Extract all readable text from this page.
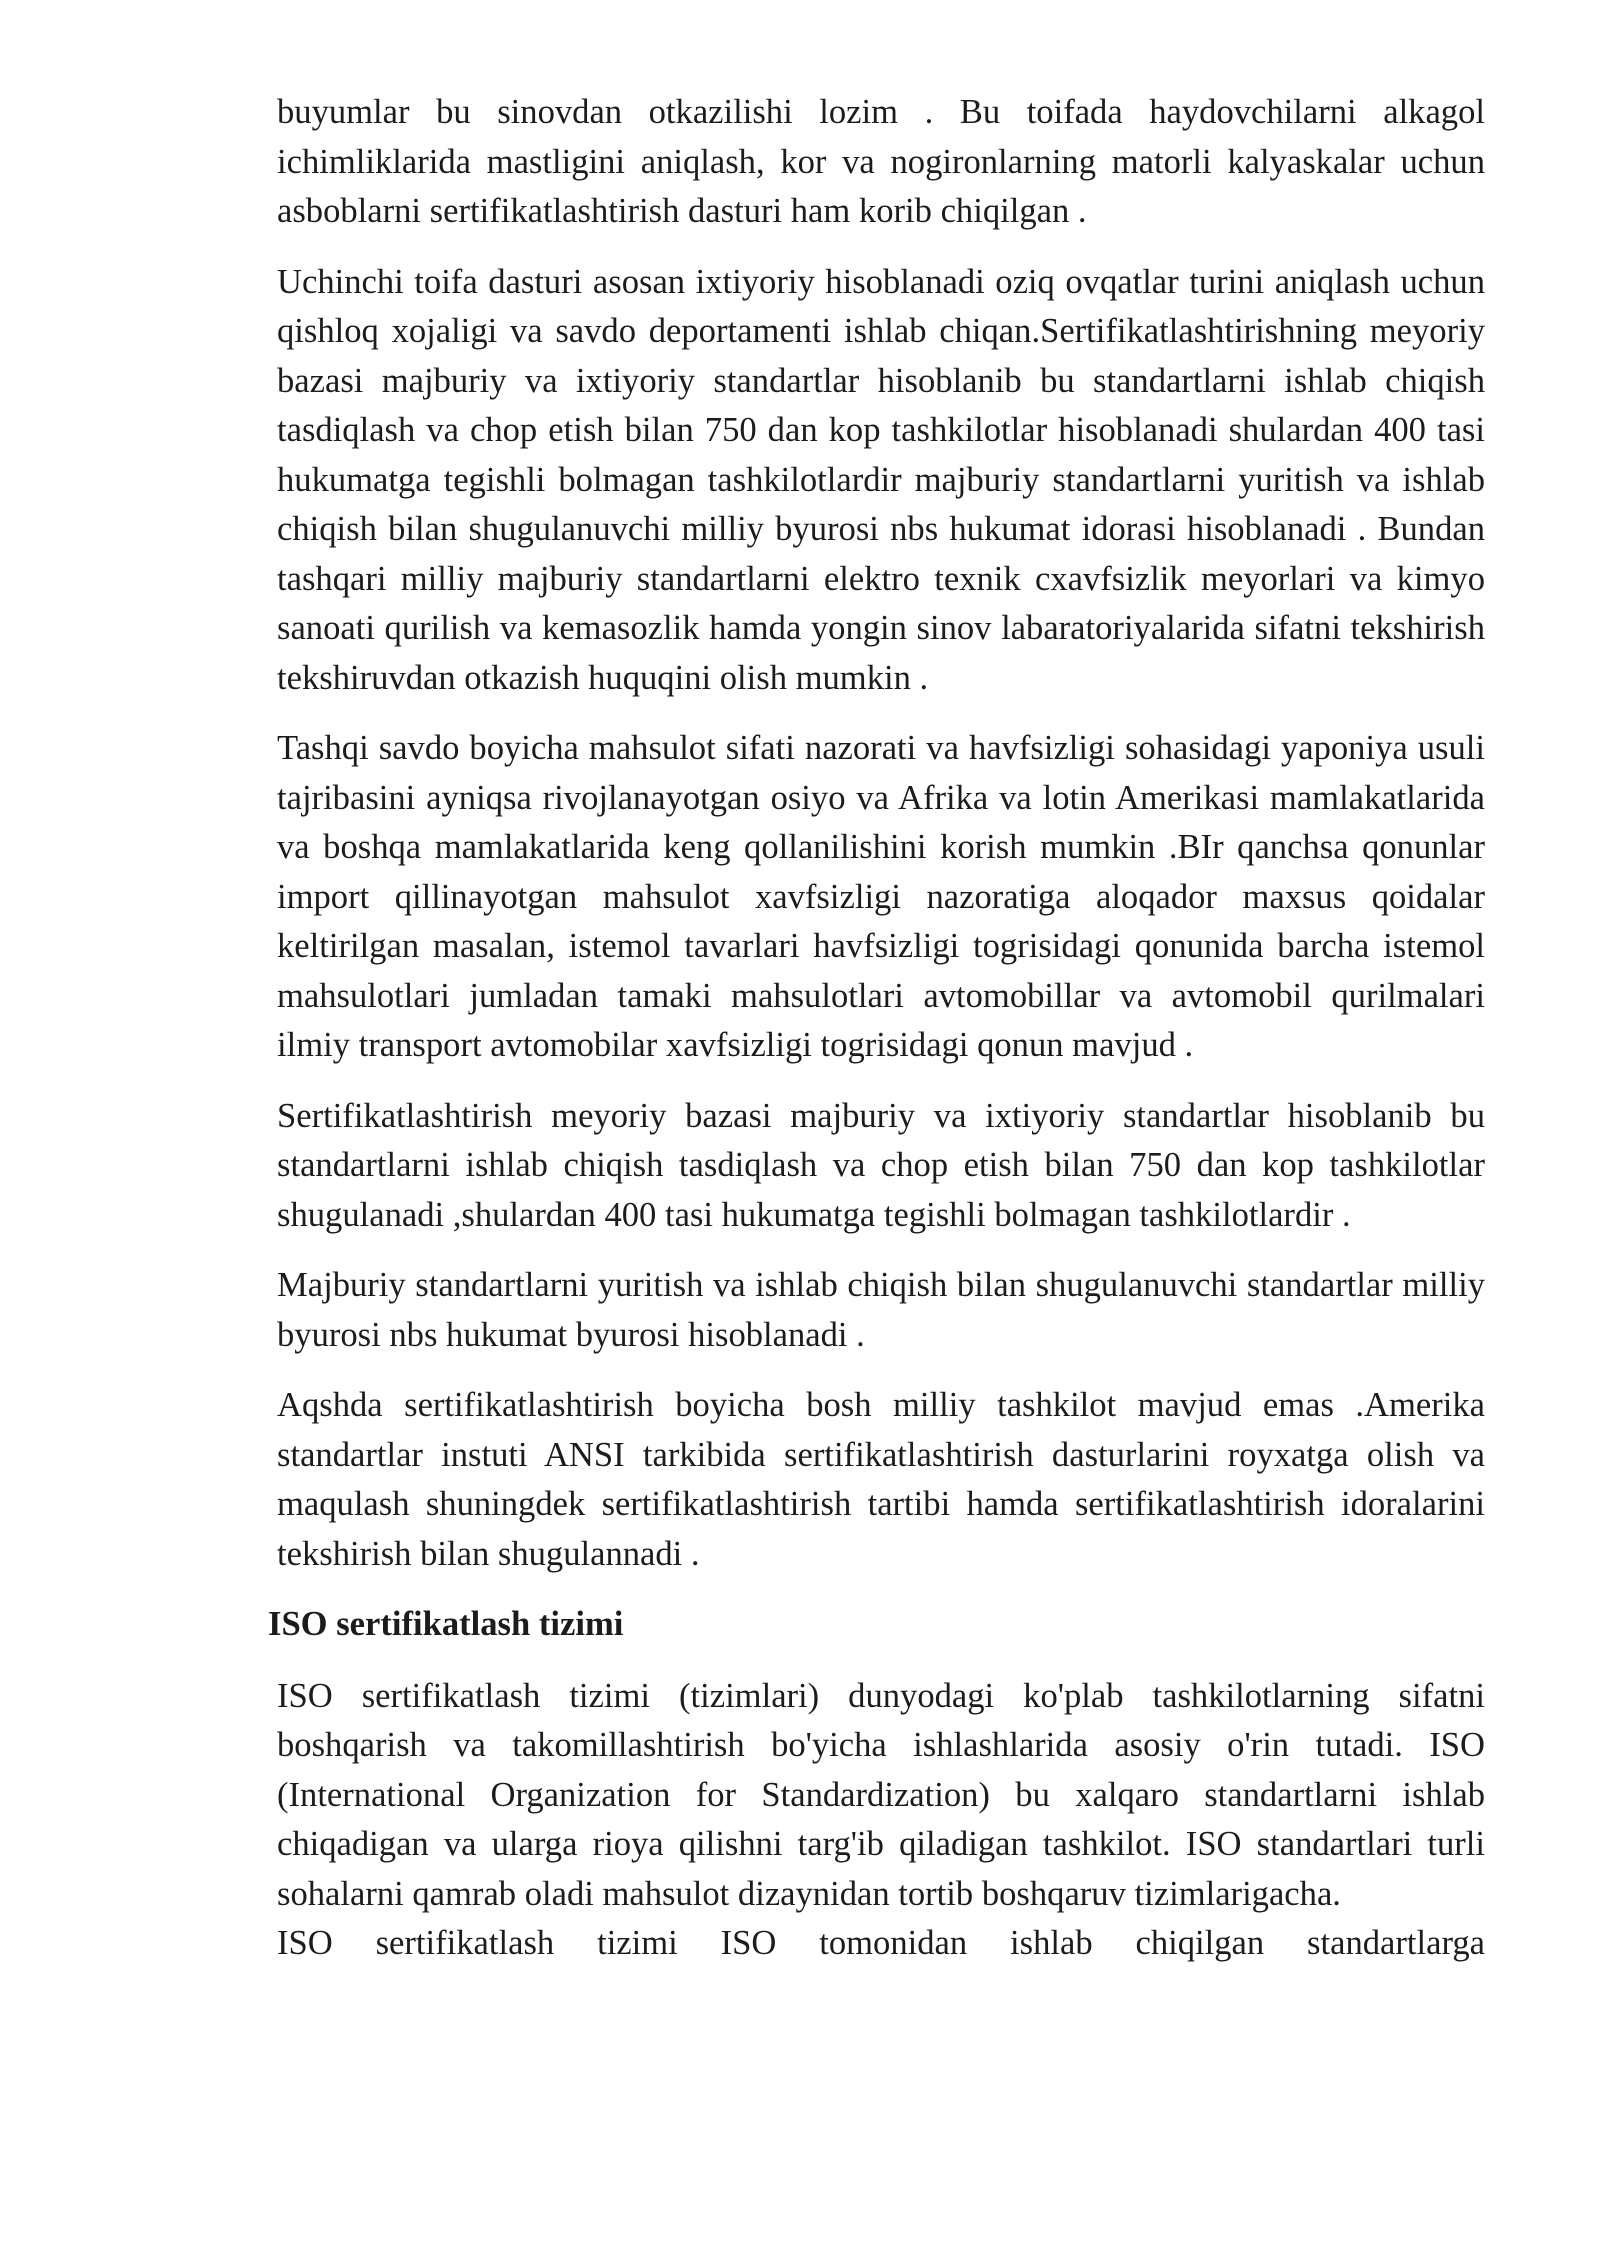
buyumlar bu sinovdan otkazilishi lozim . Bu toifada haydovchilarni alkagol ichimliklarida mastligini aniqlash, kor va nogironlarning matorli kalyaskalar uchun asboblarni sertifikatlashtirish dasturi ham korib chiqilgan .

Uchinchi toifa dasturi asosan ixtiyoriy hisoblanadi oziq ovqatlar turini aniqlash uchun qishloq xojaligi va savdo deportamenti ishlab chiqan.Sertifikatlashtirishning meyoriy bazasi majburiy va ixtiyoriy standartlar hisoblanib bu standartlarni ishlab chiqish tasdiqlash va chop etish bilan 750 dan kop tashkilotlar hisoblanadi shulardan 400 tasi hukumatga tegishli bolmagan tashkilotlardir majburiy standartlarni yuritish va ishlab chiqish bilan shugulanuvchi milliy byurosi nbs hukumat idorasi hisoblanadi . Bundan tashqari milliy majburiy standartlarni elektro texnik cxavfsizlik meyorlari va kimyo sanoati qurilish va kemasozlik hamda yongin sinov labaratoriyalarida sifatni tekshirish tekshiruvdan otkazish huquqini olish mumkin .

Tashqi savdo boyicha mahsulot sifati nazorati va havfsizligi sohasidagi yaponiya usuli tajribasini ayniqsa rivojlanayotgan osiyo va Afrika va lotin Amerikasi mamlakatlarida va boshqa mamlakatlarida keng qollanilishini korish mumkin .BIr qanchsa qonunlar import qillinayotgan mahsulot xavfsizligi nazoratiga aloqador maxsus qoidalar keltirilgan masalan, istemol tavarlari havfsizligi togrisidagi qonunida barcha istemol mahsulotlari jumladan tamaki mahsulotlari avtomobillar va avtomobil qurilmalari ilmiy transport avtomobilar xavfsizligi togrisidagi qonun mavjud .

Sertifikatlashtirish meyoriy bazasi majburiy va ixtiyoriy standartlar hisoblanib bu standartlarni ishlab chiqish tasdiqlash va chop etish bilan 750 dan kop tashkilotlar shugulanadi ,shulardan 400 tasi hukumatga tegishli bolmagan tashkilotlardir .

Majburiy standartlarni yuritish va ishlab chiqish bilan shugulanuvchi standartlar milliy byurosi nbs hukumat byurosi hisoblanadi .

Aqshda sertifikatlashtirish boyicha bosh milliy tashkilot mavjud emas .Amerika standartlar instuti ANSI tarkibida sertifikatlashtirish dasturlarini royxatga olish va maqulash shuningdek sertifikatlashtirish tartibi hamda sertifikatlashtirish idoralarini tekshirish bilan shugulannadi .

ISO sertifikatlash tizimi

ISO sertifikatlash tizimi (tizimlari) dunyodagi ko'plab tashkilotlarning sifatni boshqarish va takomillashtirish bo'yicha ishlashlarida asosiy o'rin tutadi. ISO (International Organization for Standardization) bu xalqaro standartlarni ishlab chiqadigan va ularga rioya qilishni targ'ib qiladigan tashkilot. ISO standartlari turli sohalarni qamrab oladi mahsulot dizaynidan tortib boshqaruv tizimlarigacha.

ISO sertifikatlash tizimi ISO tomonidan ishlab chiqilgan standartlarga
